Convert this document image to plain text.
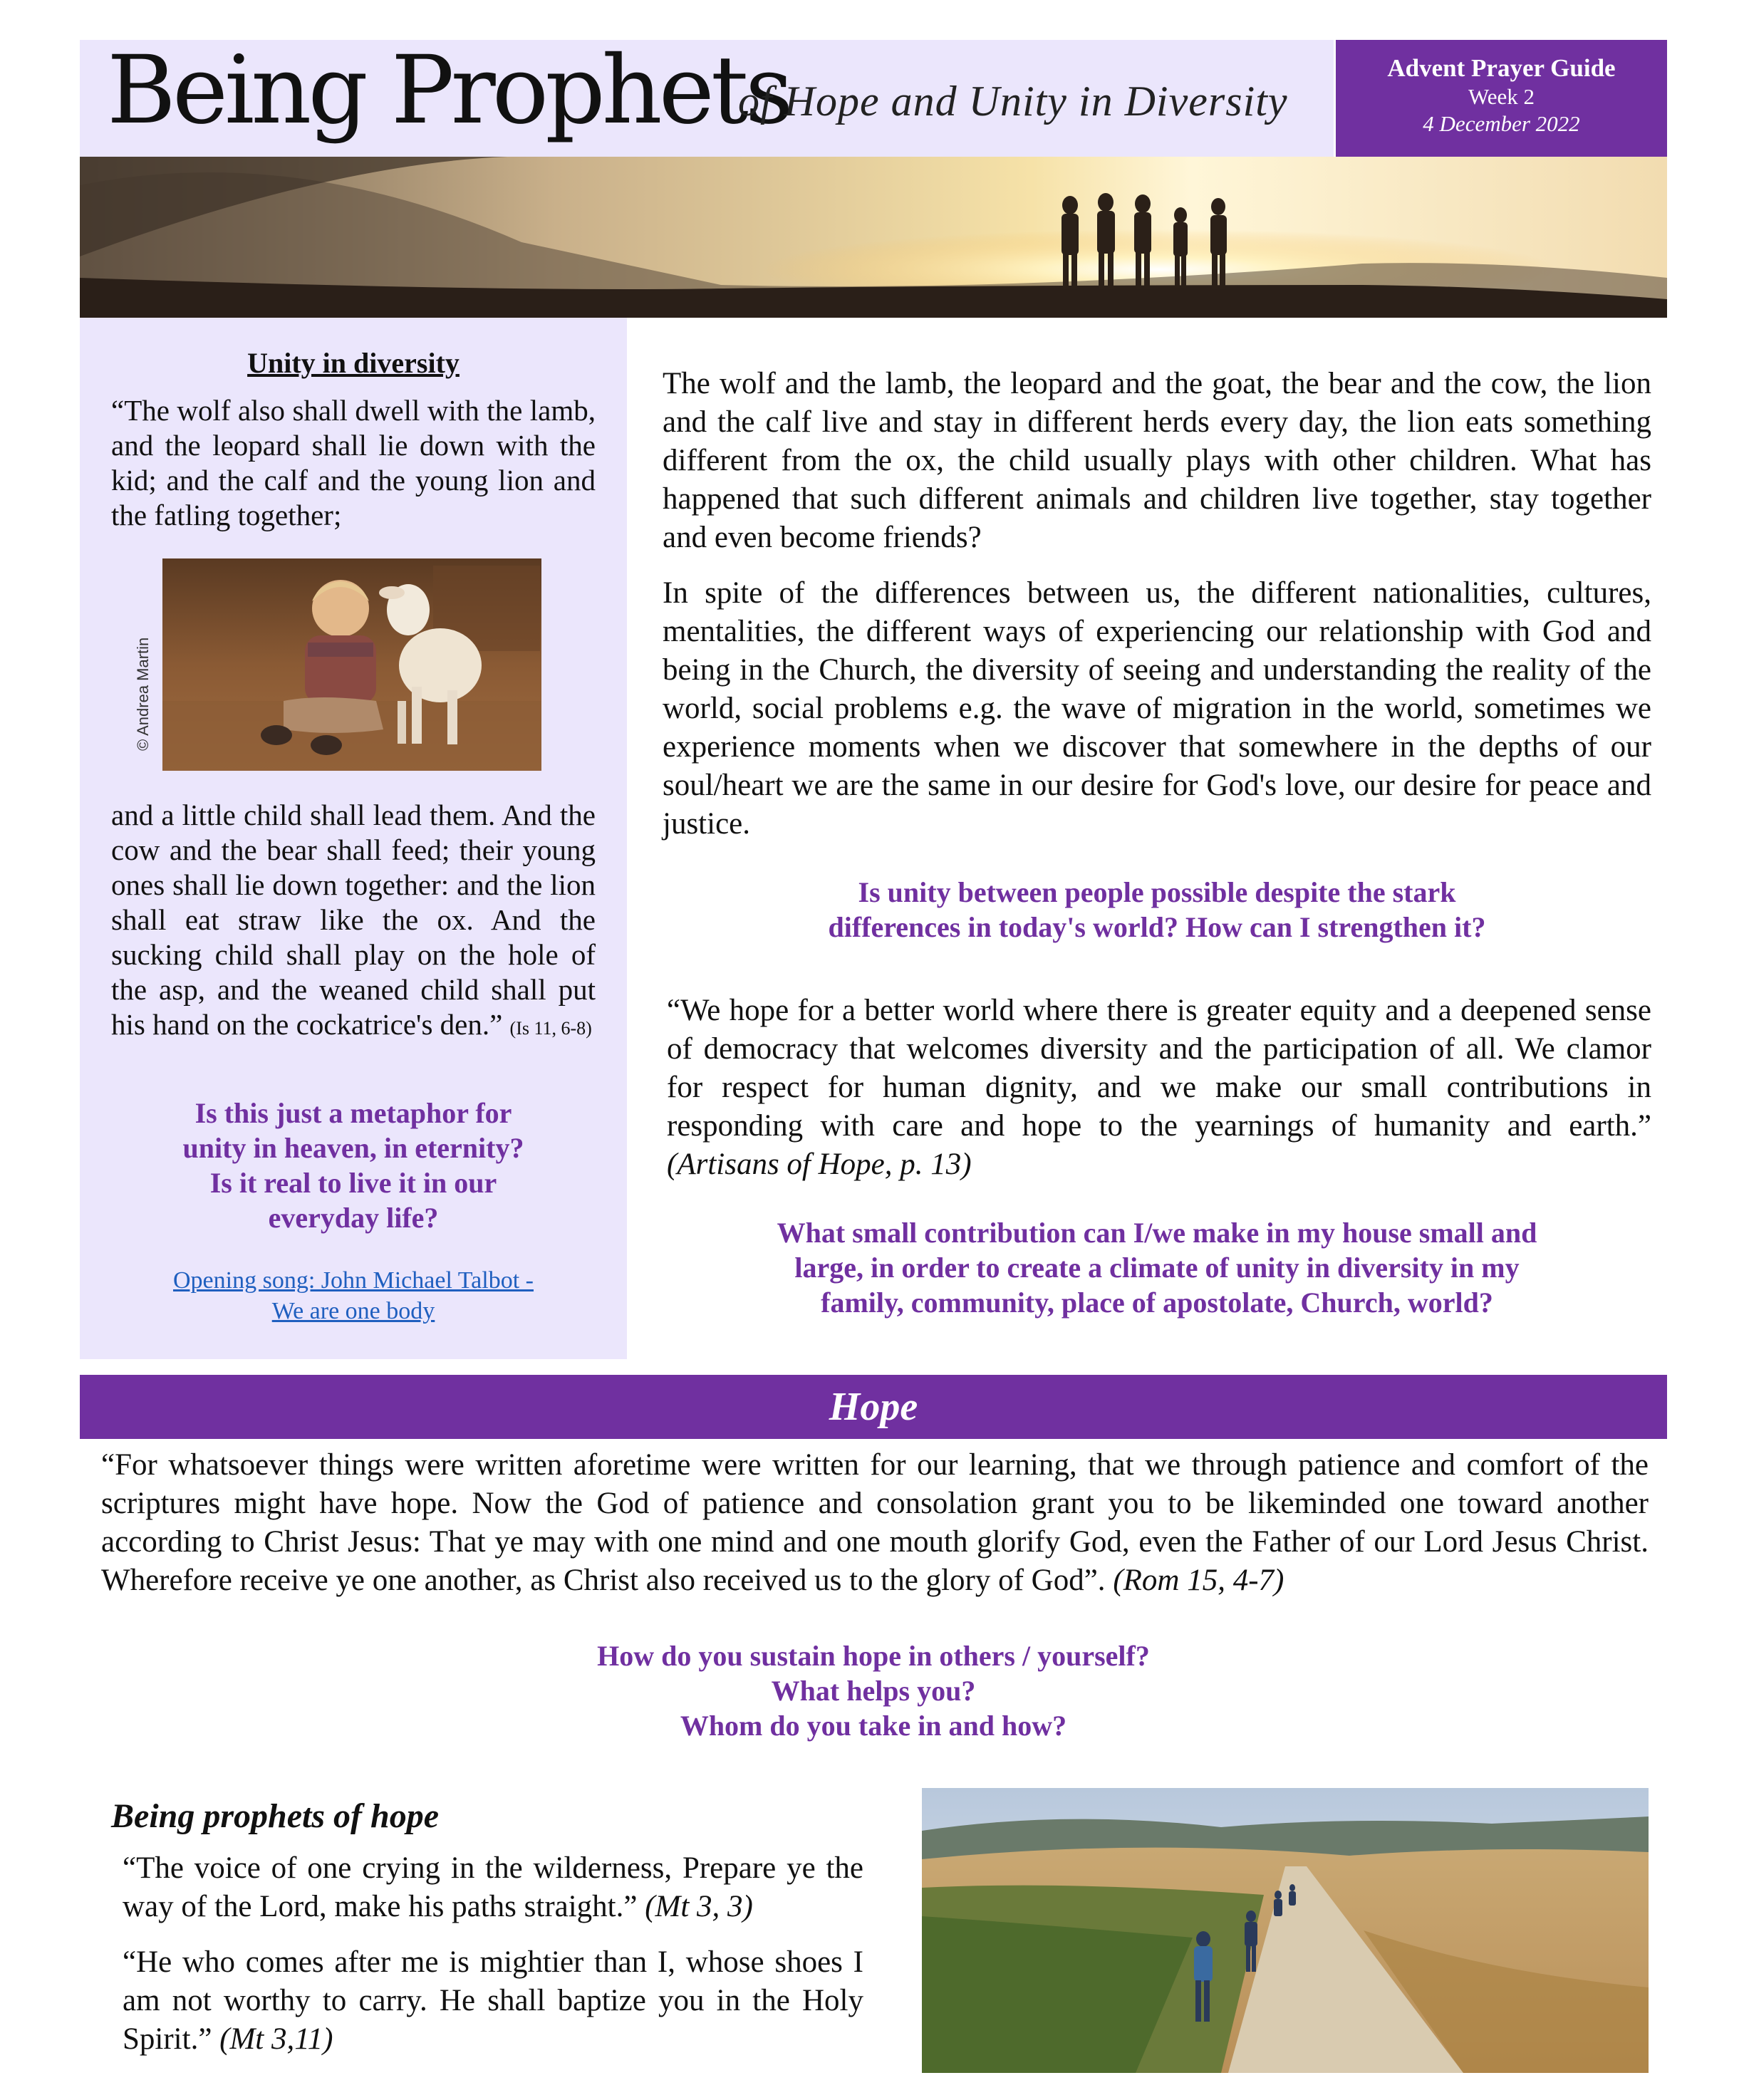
Being Prophets
of Hope and Unity in Diversity
Advent Prayer Guide
Week 2
4 December 2022
Unity in diversity
“The wolf also shall dwell with the lamb, and the leopard shall lie down with the kid; and the calf and the young lion and the fatling together;
© Andrea Martin
and a little child shall lead them. And the cow and the bear shall feed; their young ones shall lie down together: and the lion shall eat straw like the ox. And the sucking child shall play on the hole of the asp, and the weaned child shall put his hand on the cockatrice's den.” (Is 11, 6-8)
Is this just a metaphor for
unity in heaven, in eternity?
Is it real to live it in our
everyday life?
Opening song: John Michael Talbot -
We are one body
The wolf and the lamb, the leopard and the goat, the bear and the cow, the lion and the calf live and stay in different herds every day, the lion eats something different from the ox, the child usually plays with other children. What has happened that such different animals and children live together, stay together and even become friends?
In spite of the differences between us, the different nationalities, cultures, mentalities, the different ways of experiencing our relationship with God and being in the Church, the diversity of seeing and understanding the reality of the world, social problems e.g. the wave of migration in the world, sometimes we experience moments when we discover that somewhere in the depths of our soul/heart we are the same in our desire for God's love, our desire for peace and justice.
Is unity between people possible despite the stark
differences in today's world? How can I strengthen it?
“We hope for a better world where there is greater equity and a deepened sense of democracy that welcomes diversity and the participation of all. We clamor for respect for human dignity, and we make our small contributions in responding with care and hope to the yearnings of humanity and earth.” (Artisans of Hope, p. 13)
What small contribution can I/we make in my house small and
large, in order to create a climate of unity in diversity in my
family, community, place of apostolate, Church, world?
Hope
“For whatsoever things were written aforetime were written for our learning, that we through patience and comfort of the scriptures might have hope. Now the God of patience and consolation grant you to be likeminded one toward another according to Christ Jesus: That ye may with one mind and one mouth glorify God, even the Father of our Lord Jesus Christ. Wherefore receive ye one another, as Christ also received us to the glory of God”. (Rom 15, 4-7)
How do you sustain hope in others / yourself?
What helps you?
Whom do you take in and how?
Being prophets of hope
“The voice of one crying in the wilderness, Prepare ye the way of the Lord, make his paths straight.” (Mt 3, 3)
“He who comes after me is mightier than I, whose shoes I am not worthy to carry. He shall baptize you in the Holy Spirit.” (Mt 3,11)
